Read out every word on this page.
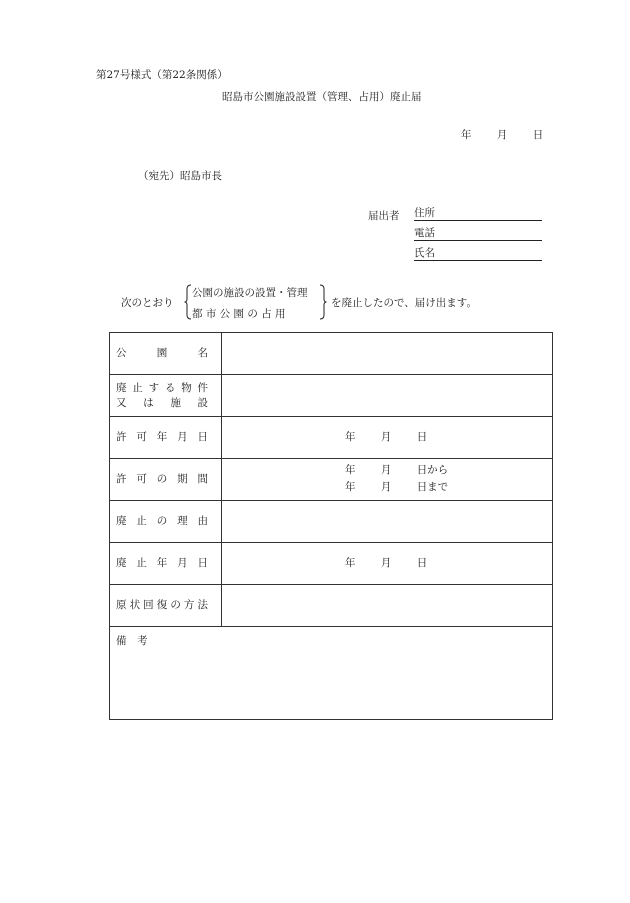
第27号様式（第22条関係）
昭島市公園施設設置（管理、占用）廃止届
年 月 日
（宛先）昭島市長
届出者 住所
電話
氏名
次のとおり
公園の施設の設置・管理
都 市 公 園 の 占 用
を廃止したので、届け出ます。
公園名	

廃止する物件
又は施設	

許可年月日	年 月 日

許可の期間	年 月 日から
年 月 日まで

廃止の理由	

廃止年月日	年 月 日

原状回復の方法	

備　考	
